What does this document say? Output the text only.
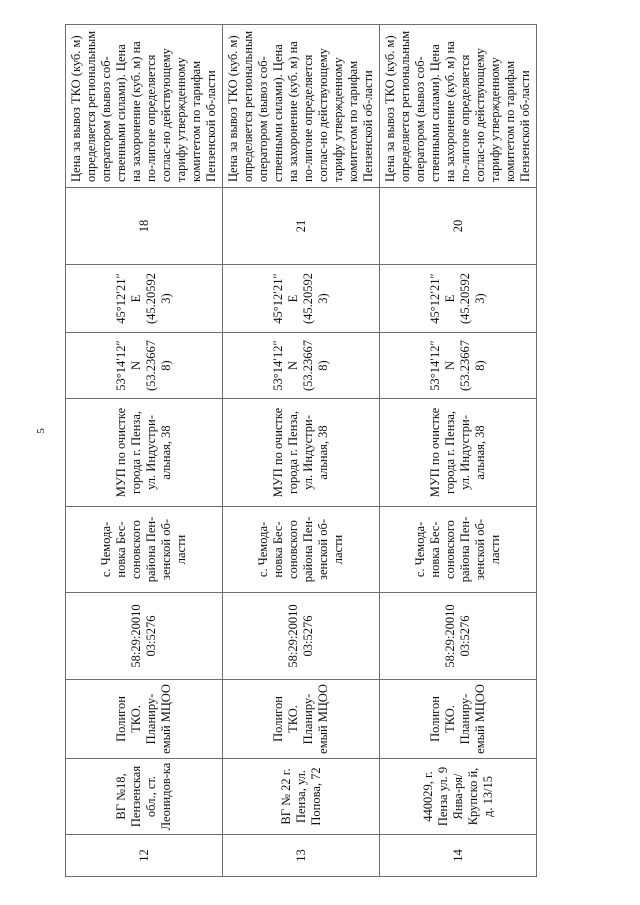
5
12	ВГ №18, Пензенская обл., ст. Леонидов-ка	Полигон ТКО. Планиру-емый МЦОО	58:29:20010 03:5276	с. Чемода-новка Бес-соновского района Пен-зенской об-ласти	МУП по очистке города г. Пенза, ул. Индустри-альная, 38	53°14′12″ N (53.23667 8)	45°12′21″ E (45.20592 3)	18	Цена за вывоз ТКО (куб. м) определяется региональным оператором (вывоз соб-ственными силами). Цена на захоронение (куб. м) на по-лигоне определяется соглас-но действующему тарифу утвержденному комитетом по тарифам Пензенской об-ласти
13	ВГ № 22 г. Пенза, ул. Попова, 72	Полигон ТКО. Планиру-емый МЦОО	58:29:20010 03:5276	с. Чемода-новка Бес-соновского района Пен-зенской об-ласти	МУП по очистке города г. Пенза, ул. Индустри-альная, 38	53°14′12″ N (53.23667 8)	45°12′21″ E (45.20592 3)	21	Цена за вывоз ТКО (куб. м) определяется региональным оператором (вывоз соб-ственными силами). Цена на захоронение (куб. м) на по-лигоне определяется соглас-но действующему тарифу утвержденному комитетом по тарифам Пензенской об-ласти
14	440029, г. Пенза ул. 9 Янва-ря/Крупско й, д. 13/15	Полигон ТКО. Планиру-емый МЦОО	58:29:20010 03:5276	с. Чемода-новка Бес-соновского района Пен-зенской об-ласти	МУП по очистке города г. Пенза, ул. Индустри-альная, 38	53°14′12″ N (53.23667 8)	45°12′21″ E (45.20592 3)	20	Цена за вывоз ТКО (куб. м) определяется региональным оператором (вывоз соб-ственными силами). Цена на захоронение (куб. м) на по-лигоне определяется соглас-но действующему тарифу утвержденному комитетом по тарифам Пензенской об-ласти
